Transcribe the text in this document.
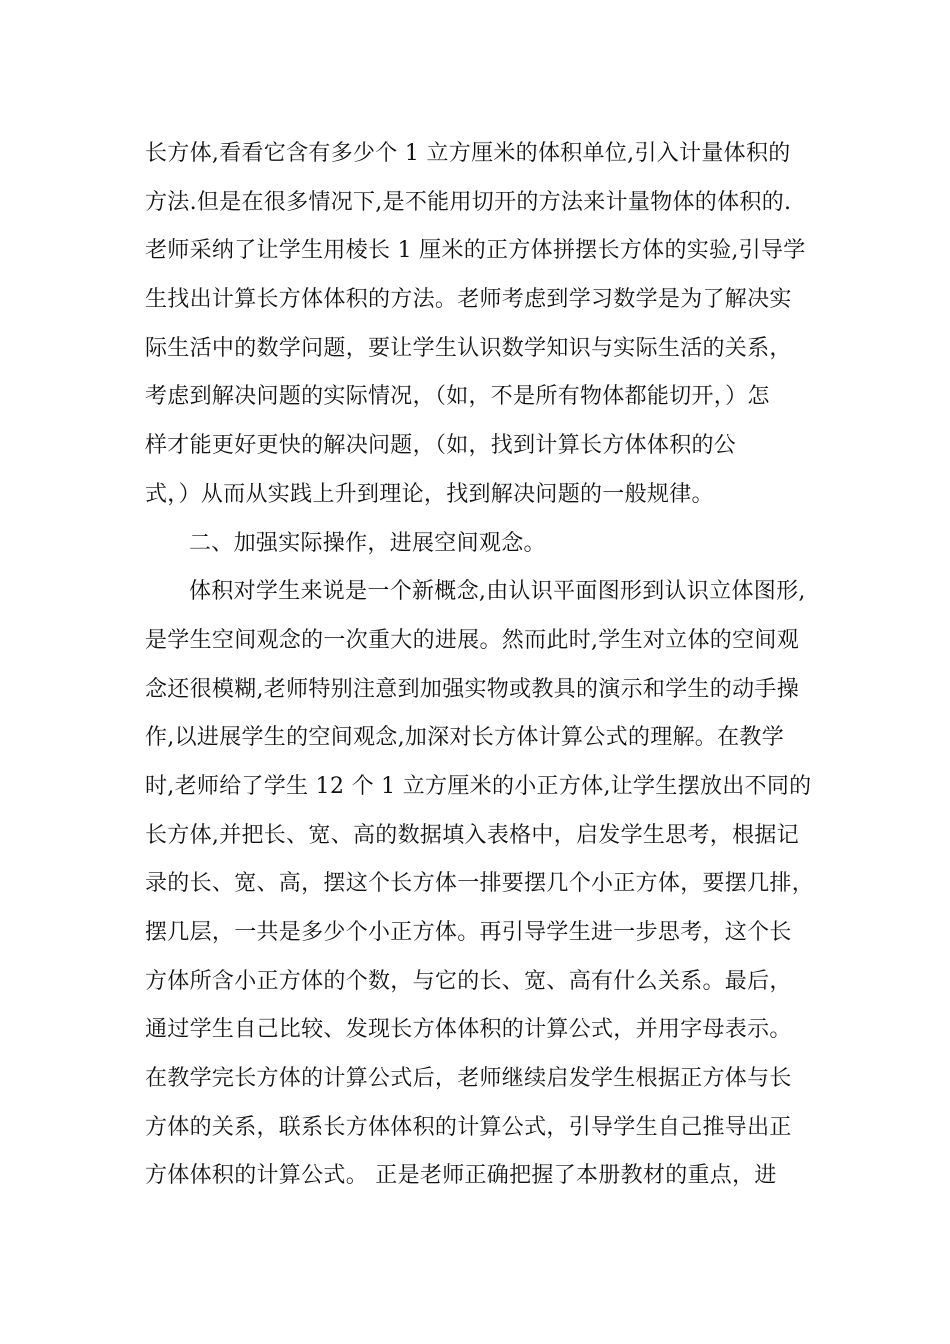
长方体,看看它含有多少个 1 立方厘米的体积单位,引入计量体积的
方法.但是在很多情况下,是不能用切开的方法来计量物体的体积的.
老师采纳了让学生用棱长 1 厘米的正方体拼摆长方体的实验,引导学
生找出计算长方体体积的方法。老师考虑到学习数学是为了解决实
际生活中的数学问题，要让学生认识数学知识与实际生活的关系，
考虑到解决问题的实际情况，（如，不是所有物体都能切开，）怎
样才能更好更快的解决问题，（如，找到计算长方体体积的公
式，）从而从实践上升到理论，找到解决问题的一般规律。
二、加强实际操作，进展空间观念。
体积对学生来说是一个新概念,由认识平面图形到认识立体图形,
是学生空间观念的一次重大的进展。然而此时,学生对立体的空间观
念还很模糊,老师特别注意到加强实物或教具的演示和学生的动手操
作,以进展学生的空间观念,加深对长方体计算公式的理解。在教学
时,老师给了学生 12 个 1 立方厘米的小正方体,让学生摆放出不同的
长方体,并把长、宽、高的数据填入表格中，启发学生思考，根据记
录的长、宽、高，摆这个长方体一排要摆几个小正方体，要摆几排，
摆几层，一共是多少个小正方体。再引导学生进一步思考，这个长
方体所含小正方体的个数，与它的长、宽、高有什么关系。最后，
通过学生自己比较、发现长方体体积的计算公式，并用字母表示。
在教学完长方体的计算公式后，老师继续启发学生根据正方体与长
方体的关系，联系长方体体积的计算公式，引导学生自己推导出正
方体体积的计算公式。 正是老师正确把握了本册教材的重点，进
